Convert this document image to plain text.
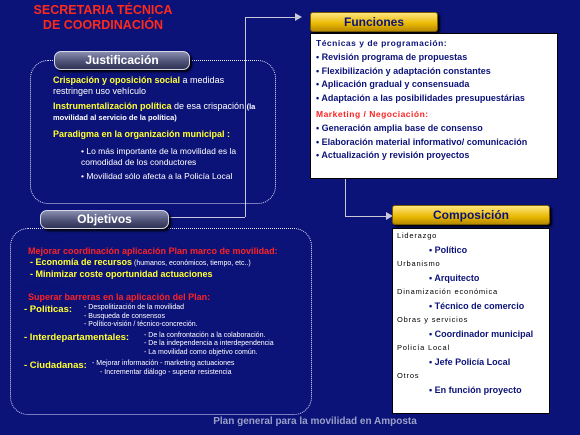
SECRETARIA TÉCNICA
DE COORDINACIÓN
Justificación
Crispación y oposición social a medidas restringen uso vehículo
Instrumentalización política de esa crispación (la movilidad al servicio de la política)
Paradigma en la organización municipal :
• Lo más importante de la movilidad es la comodidad de los conductores
• Movilidad sólo afecta a la Policía Local
Objetivos
Explícitos:
Mejorar coordinación aplicación Plan marco de movilidad:
- Economía de recursos (humanos, económicos, tiempo, etc..)
- Minimizar coste oportunidad actuaciones
Implícitos:
Superar barreras en la aplicación del Plan:
- Políticas:	- Despolitización de la movilidad
- Busqueda de consensos
- Político-visión / técnico-concreción.
- Interdepartamentales:	- De la confrontación a la colaboración.
- De la independencia a interdependencia
- La movilidad como objetivo común.
- Ciudadanas: - Mejorar información - marketing actuaciones
- Incrementar diálogo - superar resistencia
Funciones
Técnicas y de programación:
• Revisión programa de propuestas
• Flexibilización y adaptación constantes
• Aplicación gradual y consensuada
• Adaptación a las posibilidades presupuestárias
Marketing / Negociación:
• Generación amplia base de consenso
• Elaboración material informativo/ comunicación
• Actualización y revisión proyectos
Composición
Liderazgo
• Político
Urbanismo
• Arquitecto
Dinamización económica
• Técnico de comercio
Obras y servicios
• Coordinador municipal
Policía Local
• Jefe Policía Local
Otros
• En función proyecto
Plan general para la movilidad en Amposta
